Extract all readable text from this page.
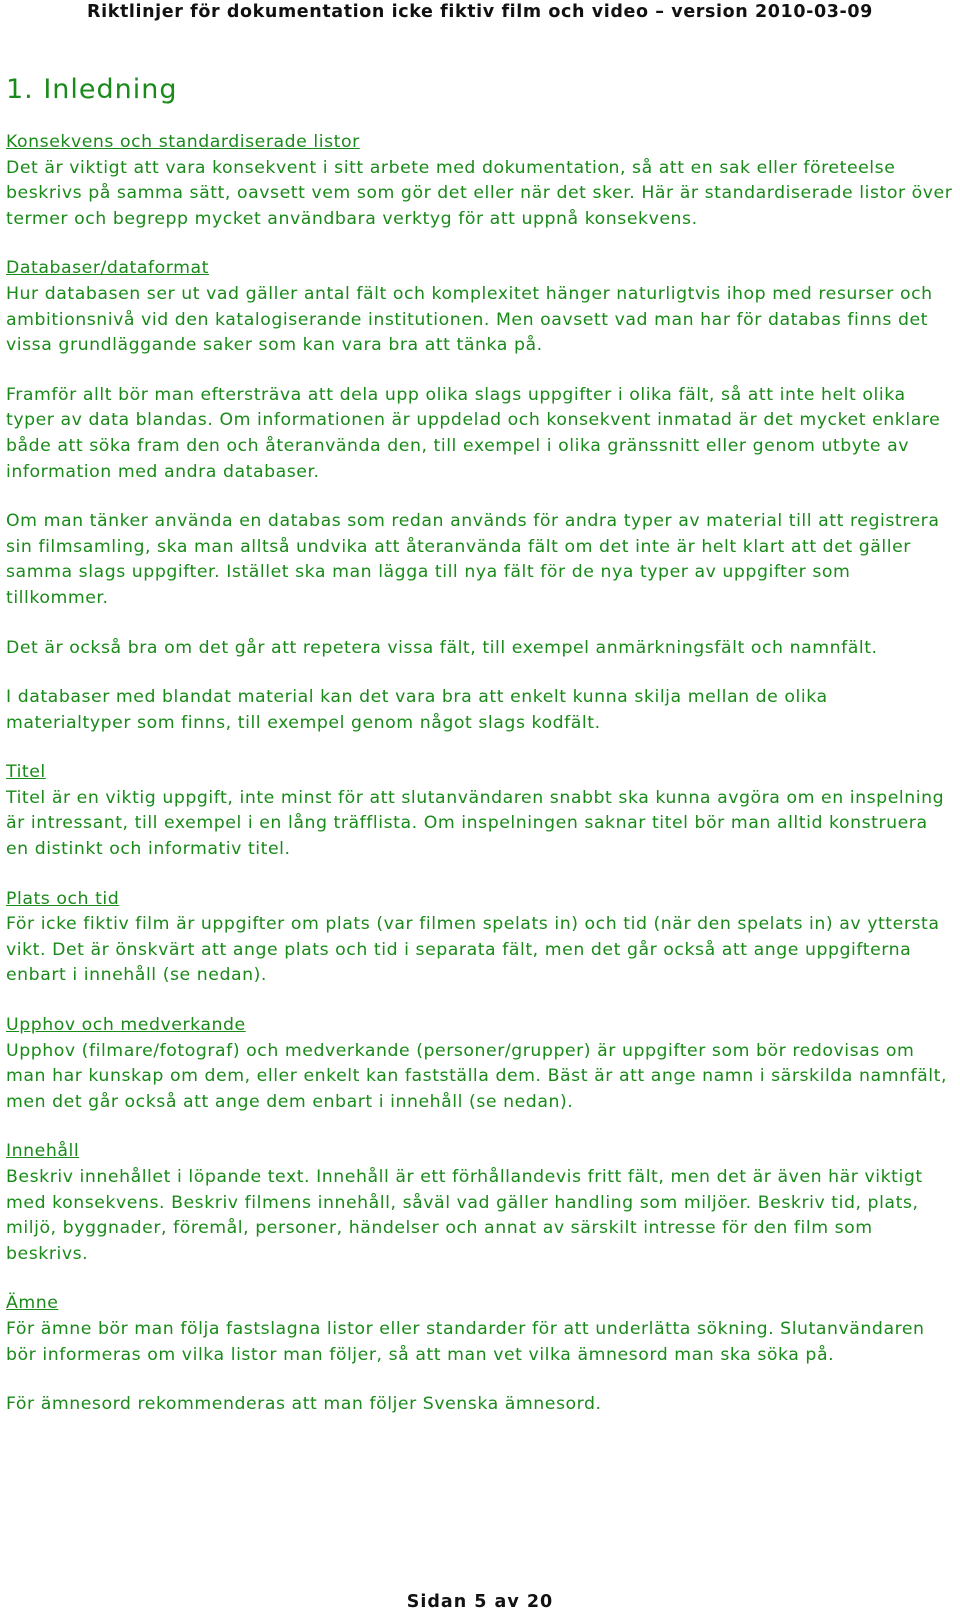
Riktlinjer för dokumentation icke fiktiv film och video – version 2010-03-09
1. Inledning
Konsekvens och standardiserade listor

Det är viktigt att vara konsekvent i sitt arbete med dokumentation, så att en sak eller företeelse beskrivs på samma sätt, oavsett vem som gör det eller när det sker. Här är standardiserade listor över termer och begrepp mycket användbara verktyg för att uppnå konsekvens.

Databaser/dataformat

Hur databasen ser ut vad gäller antal fält och komplexitet hänger naturligtvis ihop med resurser och ambitionsnivå vid den katalogiserande institutionen. Men oavsett vad man har för databas finns det vissa grundläggande saker som kan vara bra att tänka på.

Framför allt bör man eftersträva att dela upp olika slags uppgifter i olika fält, så att inte helt olika typer av data blandas. Om informationen är uppdelad och konsekvent inmatad är det mycket enklare både att söka fram den och återanvända den, till exempel i olika gränssnitt eller genom utbyte av information med andra databaser.

Om man tänker använda en databas som redan används för andra typer av material till att registrera sin filmsamling, ska man alltså undvika att återanvända fält om det inte är helt klart att det gäller samma slags uppgifter. Istället ska man lägga till nya fält för de nya typer av uppgifter som tillkommer.

Det är också bra om det går att repetera vissa fält, till exempel anmärkningsfält och namnfält.

I databaser med blandat material kan det vara bra att enkelt kunna skilja mellan de olika materialtyper som finns, till exempel genom något slags kodfält.

Titel

Titel är en viktig uppgift, inte minst för att slutanvändaren snabbt ska kunna avgöra om en inspelning är intressant, till exempel i en lång träfflista. Om inspelningen saknar titel bör man alltid konstruera en distinkt och informativ titel.

Plats och tid

För icke fiktiv film är uppgifter om plats (var filmen spelats in) och tid (när den spelats in) av yttersta vikt. Det är önskvärt att ange plats och tid i separata fält, men det går också att ange uppgifterna enbart i innehåll (se nedan).

Upphov och medverkande

Upphov (filmare/fotograf) och medverkande (personer/grupper) är uppgifter som bör redovisas om man har kunskap om dem, eller enkelt kan fastställa dem. Bäst är att ange namn i särskilda namnfält, men det går också att ange dem enbart i innehåll (se nedan).

Innehåll

Beskriv innehållet i löpande text. Innehåll är ett förhållandevis fritt fält, men det är även här viktigt med konsekvens. Beskriv filmens innehåll, såväl vad gäller handling som miljöer. Beskriv tid, plats, miljö, byggnader, föremål, personer, händelser och annat av särskilt intresse för den film som beskrivs.

Ämne

För ämne bör man följa fastslagna listor eller standarder för att underlätta sökning. Slutanvändaren bör informeras om vilka listor man följer, så att man vet vilka ämnesord man ska söka på.

För ämnesord rekommenderas att man följer Svenska ämnesord.

Sidan 5 av 20
